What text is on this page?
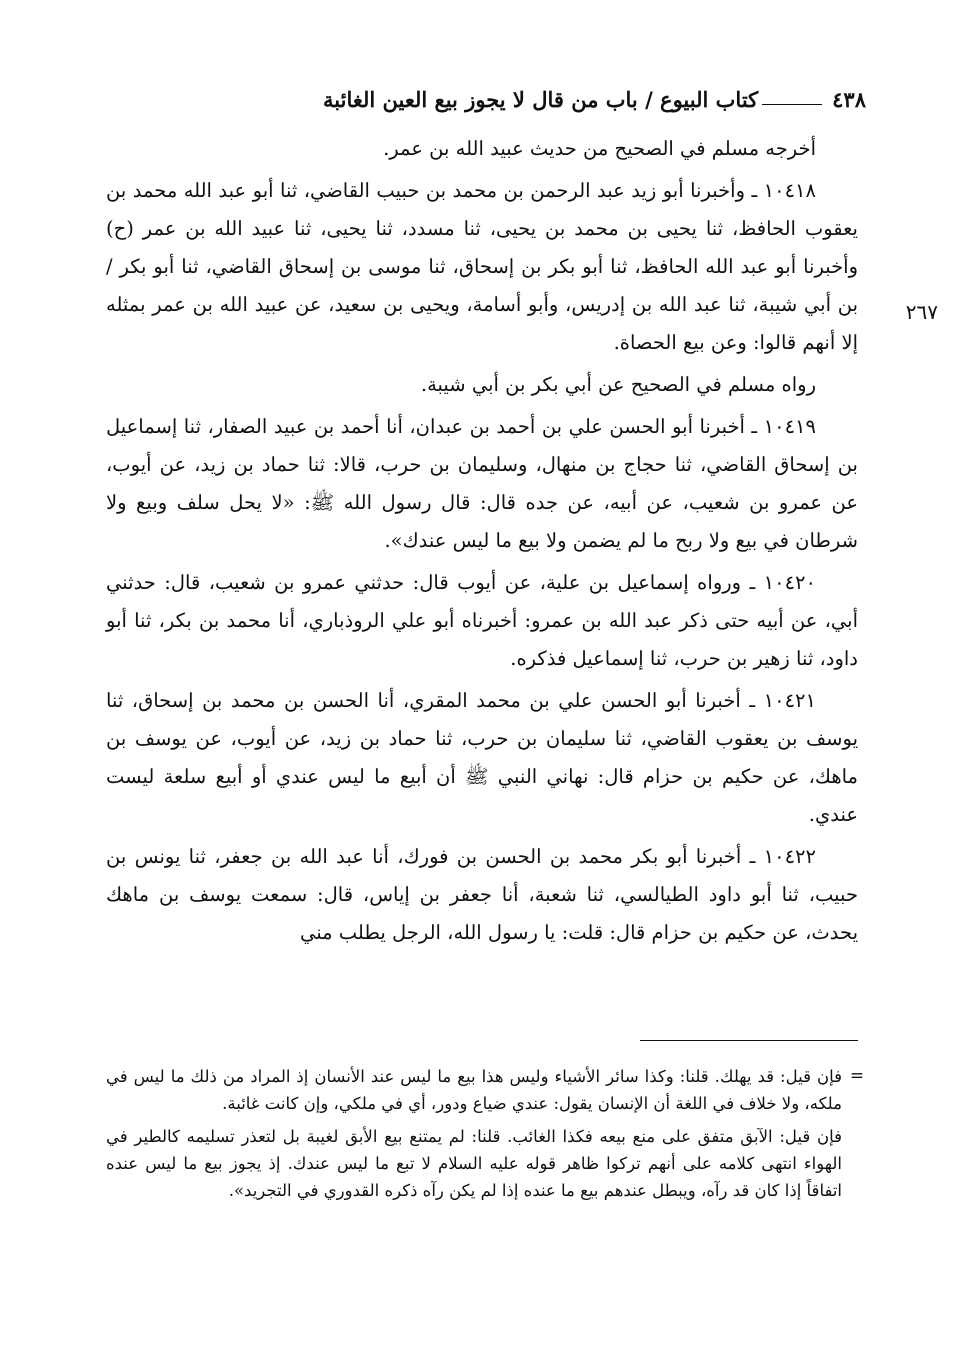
٤٣٨
كتاب البيوع / باب من قال لا يجوز بيع العين الغائبة
٢٦٧

أخرجه مسلم في الصحيح من حديث عبيد الله بن عمر.

١٠٤١٨ ـ وأخبرنا أبو زيد عبد الرحمن بن محمد بن حبيب القاضي، ثنا أبو عبد الله محمد بن يعقوب الحافظ، ثنا يحيى بن محمد بن يحيى، ثنا مسدد، ثنا يحيى، ثنا عبيد الله بن عمر (ح) وأخبرنا أبو عبد الله الحافظ، ثنا أبو بكر بن إسحاق، ثنا موسى بن إسحاق القاضي، ثنا أبو بكر / بن أبي شيبة، ثنا عبد الله بن إدريس، وأبو أسامة، ويحيى بن سعيد، عن عبيد الله بن عمر بمثله إلا أنهم قالوا: وعن بيع الحصاة.

رواه مسلم في الصحيح عن أبي بكر بن أبي شيبة.

١٠٤١٩ ـ أخبرنا أبو الحسن علي بن أحمد بن عبدان، أنا أحمد بن عبيد الصفار، ثنا إسماعيل بن إسحاق القاضي، ثنا حجاج بن منهال، وسليمان بن حرب، قالا: ثنا حماد بن زيد، عن أيوب، عن عمرو بن شعيب، عن أبيه، عن جده قال: قال رسول الله ﷺ: «لا يحل سلف وبيع ولا شرطان في بيع ولا ربح ما لم يضمن ولا بيع ما ليس عندك».

١٠٤٢٠ ـ ورواه إسماعيل بن علية، عن أيوب قال: حدثني عمرو بن شعيب، قال: حدثني أبي، عن أبيه حتى ذكر عبد الله بن عمرو: أخبرناه أبو علي الروذباري، أنا محمد بن بكر، ثنا أبو داود، ثنا زهير بن حرب، ثنا إسماعيل فذكره.

١٠٤٢١ ـ أخبرنا أبو الحسن علي بن محمد المقري، أنا الحسن بن محمد بن إسحاق، ثنا يوسف بن يعقوب القاضي، ثنا سليمان بن حرب، ثنا حماد بن زيد، عن أيوب، عن يوسف بن ماهك، عن حكيم بن حزام قال: نهاني النبي ﷺ أن أبيع ما ليس عندي أو أبيع سلعة ليست عندي.

١٠٤٢٢ ـ أخبرنا أبو بكر محمد بن الحسن بن فورك، أنا عبد الله بن جعفر، ثنا يونس بن حبيب، ثنا أبو داود الطيالسي، ثنا شعبة، أنا جعفر بن إياس، قال: سمعت يوسف بن ماهك يحدث، عن حكيم بن حزام قال: قلت: يا رسول الله، الرجل يطلب مني

=

فإن قيل: قد يهلك. قلنا: وكذا سائر الأشياء وليس هذا بيع ما ليس عند الأنسان إذ المراد من ذلك ما ليس في ملكه، ولا خلاف في اللغة أن الإنسان يقول: عندي ضياع ودور، أي في ملكي، وإن كانت غائبة.

فإن قيل: الآبق متفق على منع بيعه فكذا الغائب. قلنا: لم يمتنع بيع الأبق لغيبة بل لتعذر تسليمه كالطير في الهواء انتهى كلامه على أنهم تركوا ظاهر قوله عليه السلام لا تبع ما ليس عندك. إذ يجوز بيع ما ليس عنده اتفاقاً إذا كان قد رآه، ويبطل عندهم بيع ما عنده إذا لم يكن رآه ذكره القدوري في التجريد».
